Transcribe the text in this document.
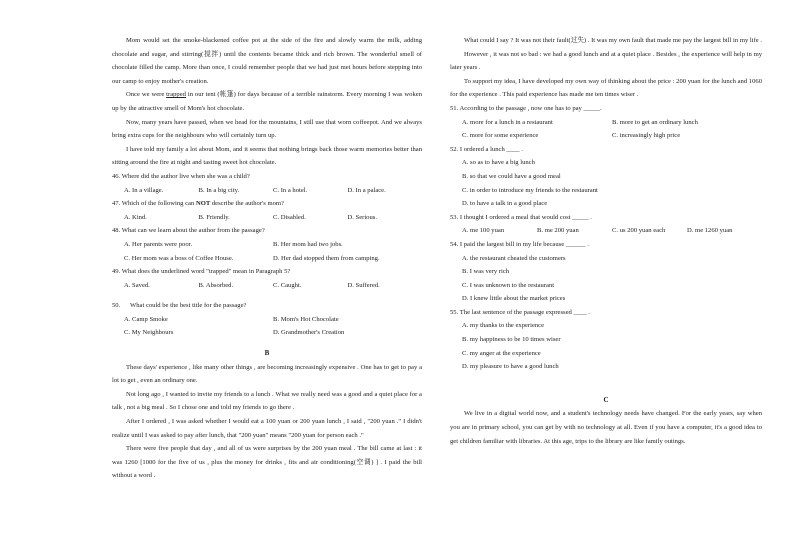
Mom would set the smoke-blackened coffee pot at the side of the fire and slowly warm the milk, adding chocolate and sugar, and stirring(搅拌) until the contents became thick and rich brown. The wonderful smell of chocolate filled the camp. More than once, I could remember people that we had just met hours before stepping into our camp to enjoy mother's creation.

Once we were trapped in our tent (帐篷) for days because of a terrible rainstorm. Every morning I was woken up by the attractive smell of Mom's hot chocolate.

Now, many years have passed, when we head for the mountains, I still use that worn coffeepot. And we always bring extra cups for the neighbours who will certainly turn up.

I have told my family a lot about Mom, and it seems that nothing brings back those warm memories better than sitting around the fire at night and tasting sweet hot chocolate.

46. Where did the author live when she was a child?

A. In a village.	B. In a big city.	C. In a hotel.	D. In a palace.

47. Which of the following can NOT describe the author's mom?

A. Kind.	B. Friendly.	C. Disabled.	D. Serious.

48. What can we learn about the author from the passage?

A. Her parents were poor.	B. Her mom had two jobs.
C. Her mom was a boss of Coffee House.	D. Her dad stopped them from camping.

49. What does the underlined word "trapped" mean in Paragraph 5?

A. Saved.	B. Absorbed.	C. Caught.	D. Suffered.

50.      What could be the best title for the passage?

A. Camp Smoke	B. Mom's Hot Chocolate
C. My Neighbours	D. Grandmother's Creation

B

These days' experience , like many other things , are becoming increasingly expensive . One has to get to pay a lot to get , even an ordinary one.

Not long ago , I wanted to invite my friends to a lunch . What we really need was a good and a quiet place for a talk , not a big meal . So I chose one and told my friends to go there .

After I ordered , I was asked whether I would eat a 100 yuan or 200 yuan lunch , I said , "200 yuan ." I didn't realize until I was asked to pay after lunch, that "200 yuan" means "200 yuan for person each ."

There were five people that day , and all of us were surprises by the 200 yuan meal . The bill came at last : it was 1260 [1000 for the five of us , plus the money for drinks , fits and air conditioning(空调) ] . I paid the bill without a word .

What could I say ? It was not their fault(过失) . It was my own fault that made me pay the largest bill in my life .

However , it was not so bad : we had a good lunch and at a quiet place . Besides , the experience will help in my later years .

To support my idea, I have developed my own way of thinking about the price : 200 yuan for the lunch and 1060 for the experience . This paid experience has made me ten times wiser .

51. According to the passage , now one has to pay _____.

A. more for a lunch in a restaurant	B. more to get an ordinary lunch
C. more for some experience	C. increasingly high price

52. I ordered a lunch ____ .

A. so as to have a big lunch

B. so that we could have a good meal

C. in order to introduce my friends to the restaurant

D. to have a talk in a good place

53. I thought I ordered a meal that would cost _____ .

A. me 100 yuan	B. me 200 yuan	C. us 200 yuan each	D. me 1260 yuan

54. I paid the largest bill in my life because ______ .

A. the restaurant cheated the customers

B. I was very rich

C. I was unknown to the restaurant

D. I knew little about the market prices

55. The last sentence of the passage expressed ____ .

A. my thanks to the experience

B. my happiness to be 10 times wiser

C. my anger at the experience

D. my pleasure to have a good lunch

C

We live in a digital world now, and a student's technology needs have changed. For the early years, say when you are in primary school, you can get by with no technology at all. Even if you have a computer, it's a good idea to get children familiar with libraries. At this age, trips to the library are like family outings.
